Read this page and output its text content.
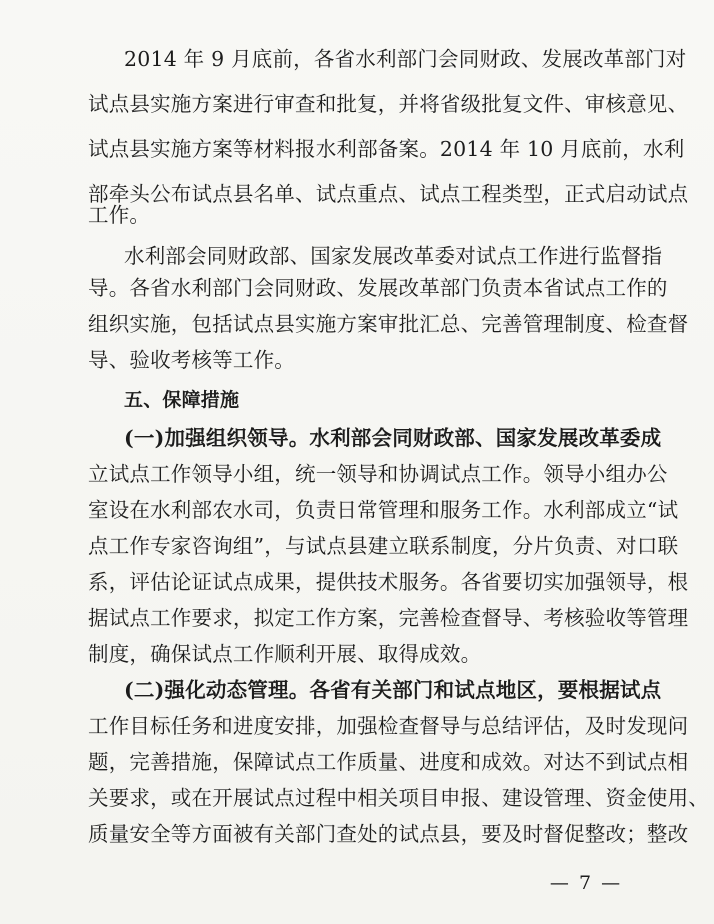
2014 年 9 月底前，各省水利部门会同财政、发展改革部门对
试点县实施方案进行审查和批复，并将省级批复文件、审核意见、
试点县实施方案等材料报水利部备案。2014 年 10 月底前，水利
部牵头公布试点县名单、试点重点、试点工程类型，正式启动试点
工作。
水利部会同财政部、国家发展改革委对试点工作进行监督指
导。各省水利部门会同财政、发展改革部门负责本省试点工作的
组织实施，包括试点县实施方案审批汇总、完善管理制度、检查督
导、验收考核等工作。
五、保障措施
(一)加强组织领导。水利部会同财政部、国家发展改革委成
立试点工作领导小组，统一领导和协调试点工作。领导小组办公
室设在水利部农水司，负责日常管理和服务工作。水利部成立“试
点工作专家咨询组”，与试点县建立联系制度，分片负责、对口联
系，评估论证试点成果，提供技术服务。各省要切实加强领导，根
据试点工作要求，拟定工作方案，完善检查督导、考核验收等管理
制度，确保试点工作顺利开展、取得成效。
(二)强化动态管理。各省有关部门和试点地区，要根据试点
工作目标任务和进度安排，加强检查督导与总结评估，及时发现问
题，完善措施，保障试点工作质量、进度和成效。对达不到试点相
关要求，或在开展试点过程中相关项目申报、建设管理、资金使用、
质量安全等方面被有关部门查处的试点县，要及时督促整改；整改
— 7 —
